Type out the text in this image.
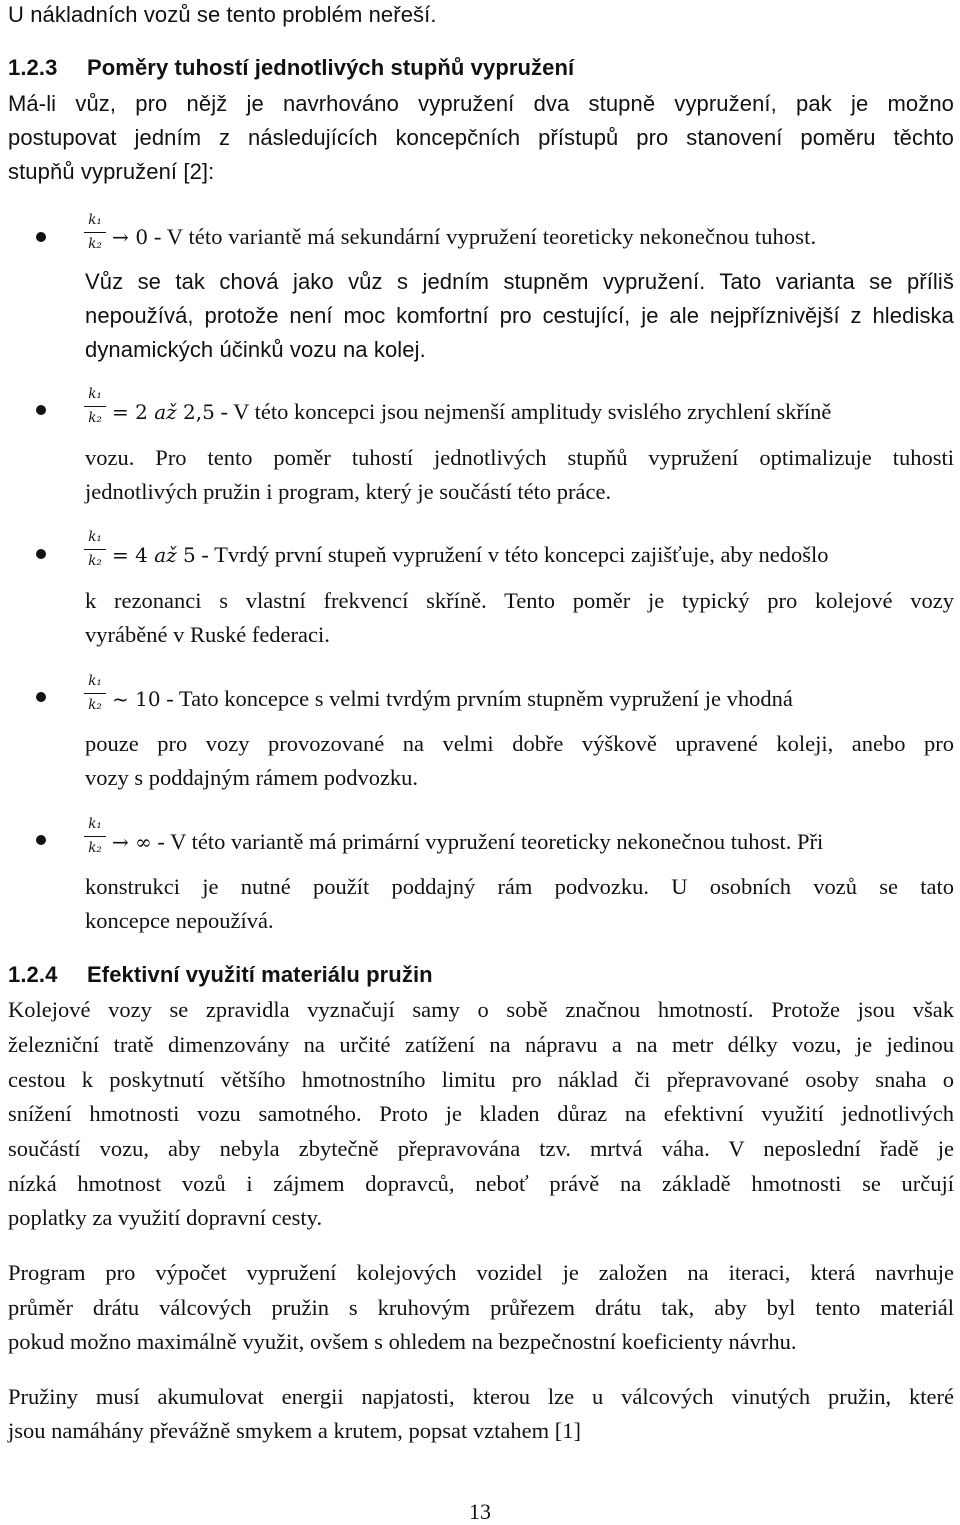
U nákladních vozů se tento problém neřeší.
1.2.3 Poměry tuhostí jednotlivých stupňů vypružení
Má-li vůz, pro nějž je navrhováno vypružení dva stupně vypružení, pak je možno
postupovat jedním z následujících koncepčních přístupů pro stanovení poměru těchto
stupňů vypružení [2]:
k₁
k₂ → 0 - V této variantě má sekundární vypružení teoreticky nekonečnou tuhost.
Vůz se tak chová jako vůz s jedním stupněm vypružení. Tato varianta se příliš
nepoužívá, protože není moc komfortní pro cestující, je ale nejpříznivější z hlediska
dynamických účinků vozu na kolej.
k₁
k₂ = 2 až 2,5 - V této koncepci jsou nejmenší amplitudy svislého zrychlení skříně
vozu. Pro tento poměr tuhostí jednotlivých stupňů vypružení optimalizuje tuhosti
jednotlivých pružin i program, který je součástí této práce.
k₁
k₂ = 4 až 5 - Tvrdý první stupeň vypružení v této koncepci zajišťuje, aby nedošlo
k rezonanci s vlastní frekvencí skříně. Tento poměr je typický pro kolejové vozy
vyráběné v Ruské federaci.
k₁
k₂ ~ 10 - Tato koncepce s velmi tvrdým prvním stupněm vypružení je vhodná
pouze pro vozy provozované na velmi dobře výškově upravené koleji, anebo pro
vozy s poddajným rámem podvozku.
k₁
k₂ → ∞ - V této variantě má primární vypružení teoreticky nekonečnou tuhost. Při
konstrukci je nutné použít poddajný rám podvozku. U osobních vozů se tato
koncepce nepoužívá.
1.2.4 Efektivní využití materiálu pružin
Kolejové vozy se zpravidla vyznačují samy o sobě značnou hmotností. Protože jsou však
železniční tratě dimenzovány na určité zatížení na nápravu a na metr délky vozu, je jedinou
cestou k poskytnutí většího hmotnostního limitu pro náklad či přepravované osoby snaha o
snížení hmotnosti vozu samotného. Proto je kladen důraz na efektivní využití jednotlivých
součástí vozu, aby nebyla zbytečně přepravována tzv. mrtvá váha. V neposlední řadě je
nízká hmotnost vozů i zájmem dopravců, neboť právě na základě hmotnosti se určují
poplatky za využití dopravní cesty.
Program pro výpočet vypružení kolejových vozidel je založen na iteraci, která navrhuje
průměr drátu válcových pružin s kruhovým průřezem drátu tak, aby byl tento materiál
pokud možno maximálně využit, ovšem s ohledem na bezpečnostní koeficienty návrhu.
Pružiny musí akumulovat energii napjatosti, kterou lze u válcových vinutých pružin, které
jsou namáhány převážně smykem a krutem, popsat vztahem [1]
13
